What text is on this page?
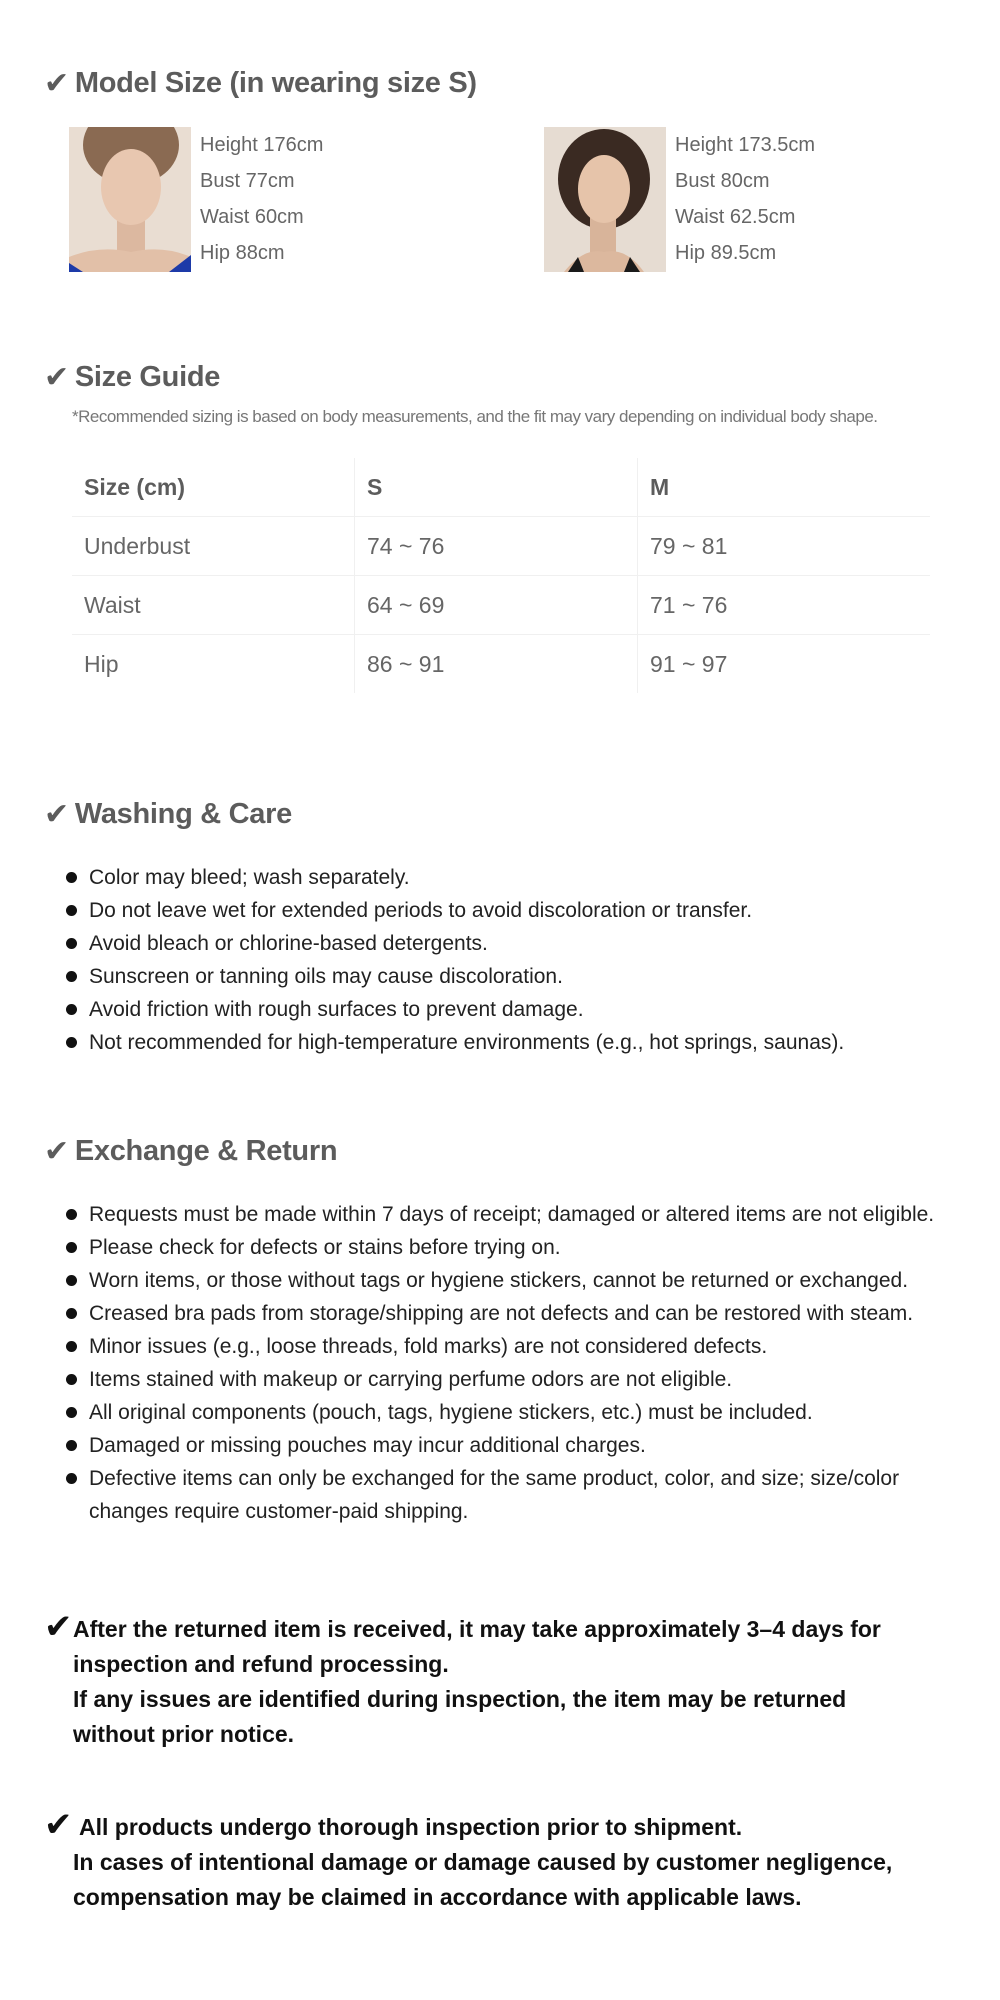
✔ Model Size (in wearing size S)
Height 176cm
Bust 77cm
Waist 60cm
Hip 88cm
Height 173.5cm
Bust 80cm
Waist 62.5cm
Hip 89.5cm
✔ Size Guide
*Recommended sizing is based on body measurements, and the fit may vary depending on individual body shape.
Size (cm)	S	M
Underbust	74 ~ 76	79 ~ 81
Waist	64 ~ 69	71 ~ 76
Hip	86 ~ 91	91 ~ 97
✔ Washing & Care
Color may bleed; wash separately.
Do not leave wet for extended periods to avoid discoloration or transfer.
Avoid bleach or chlorine-based detergents.
Sunscreen or tanning oils may cause discoloration.
Avoid friction with rough surfaces to prevent damage.
Not recommended for high-temperature environments (e.g., hot springs, saunas).
✔ Exchange & Return
Requests must be made within 7 days of receipt; damaged or altered items are not eligible.
Please check for defects or stains before trying on.
Worn items, or those without tags or hygiene stickers, cannot be returned or exchanged.
Creased bra pads from storage/shipping are not defects and can be restored with steam.
Minor issues (e.g., loose threads, fold marks) are not considered defects.
Items stained with makeup or carrying perfume odors are not eligible.
All original components (pouch, tags, hygiene stickers, etc.) must be included.
Damaged or missing pouches may incur additional charges.
Defective items can only be exchanged for the same product, color, and size; size/color changes require customer-paid shipping.
✔ After the returned item is received, it may take approximately 3–4 days for
inspection and refund processing.
If any issues are identified during inspection, the item may be returned
without prior notice.
✔ All products undergo thorough inspection prior to shipment.
In cases of intentional damage or damage caused by customer negligence,
compensation may be claimed in accordance with applicable laws.
